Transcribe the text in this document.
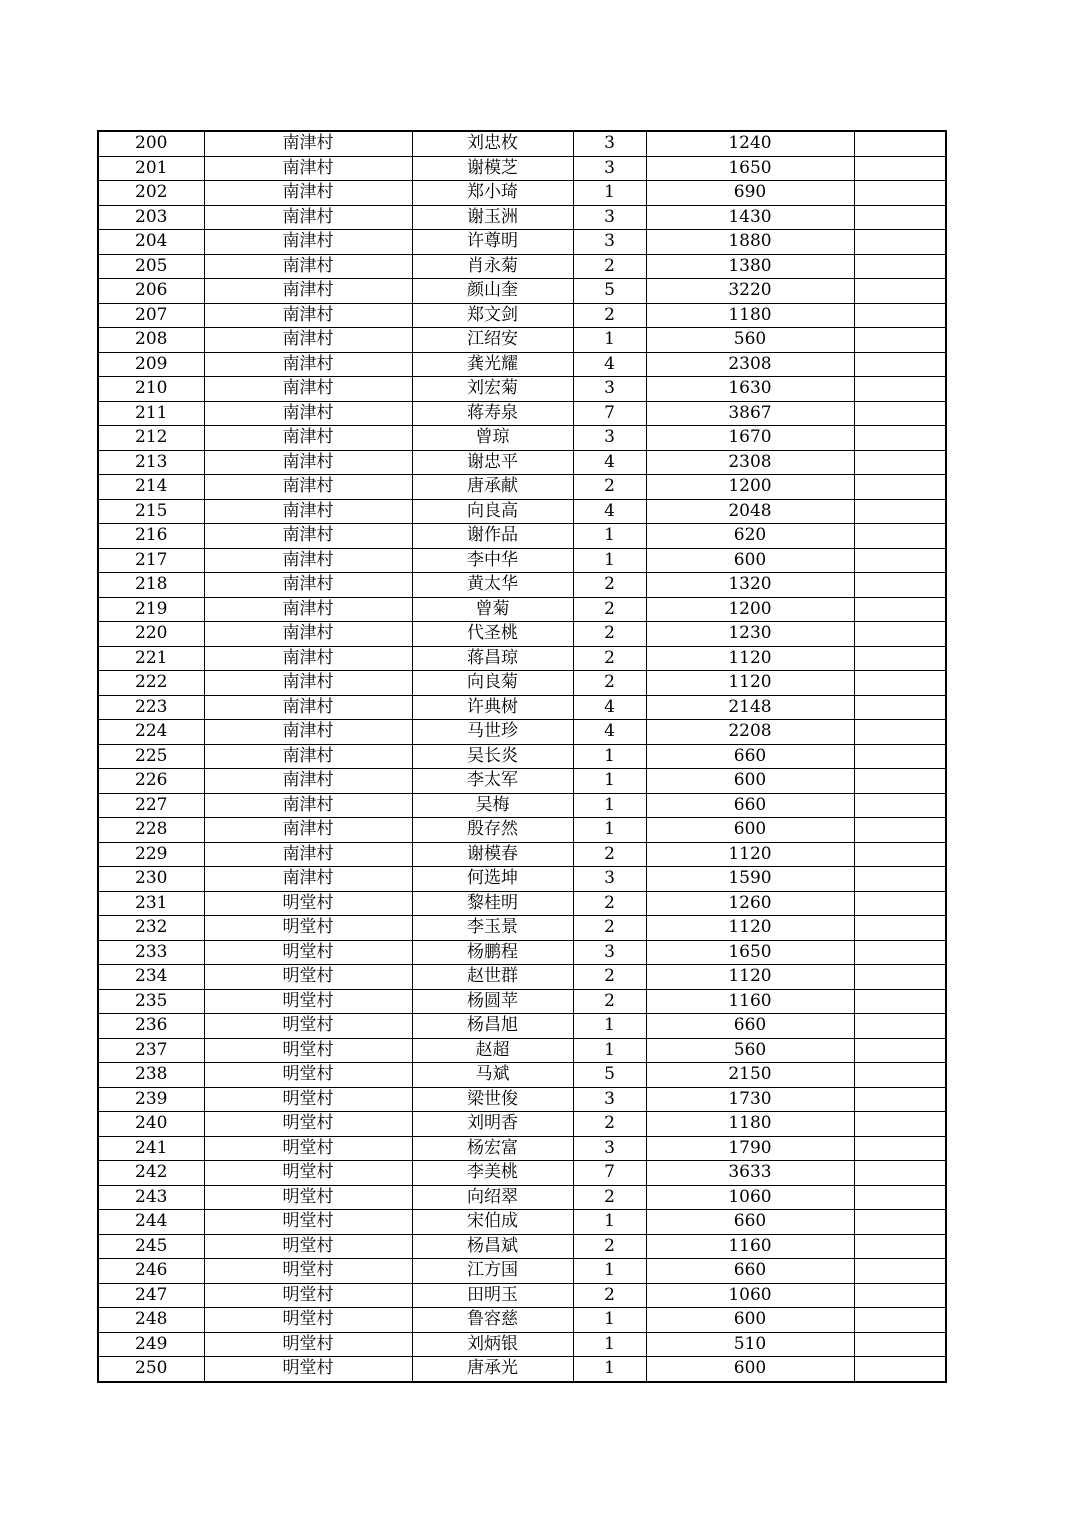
200	南津村	刘忠枚	3	1240	
201	南津村	谢模芝	3	1650	
202	南津村	郑小琦	1	690	
203	南津村	谢玉洲	3	1430	
204	南津村	许尊明	3	1880	
205	南津村	肖永菊	2	1380	
206	南津村	颜山奎	5	3220	
207	南津村	郑文剑	2	1180	
208	南津村	江绍安	1	560	
209	南津村	龚光耀	4	2308	
210	南津村	刘宏菊	3	1630	
211	南津村	蒋寿泉	7	3867	
212	南津村	曾琼	3	1670	
213	南津村	谢忠平	4	2308	
214	南津村	唐承献	2	1200	
215	南津村	向良高	4	2048	
216	南津村	谢作品	1	620	
217	南津村	李中华	1	600	
218	南津村	黄太华	2	1320	
219	南津村	曾菊	2	1200	
220	南津村	代圣桃	2	1230	
221	南津村	蒋昌琼	2	1120	
222	南津村	向良菊	2	1120	
223	南津村	许典树	4	2148	
224	南津村	马世珍	4	2208	
225	南津村	吴长炎	1	660	
226	南津村	李太军	1	600	
227	南津村	吴梅	1	660	
228	南津村	殷存然	1	600	
229	南津村	谢模春	2	1120	
230	南津村	何选坤	3	1590	
231	明堂村	黎桂明	2	1260	
232	明堂村	李玉景	2	1120	
233	明堂村	杨鹏程	3	1650	
234	明堂村	赵世群	2	1120	
235	明堂村	杨圆苹	2	1160	
236	明堂村	杨昌旭	1	660	
237	明堂村	赵超	1	560	
238	明堂村	马斌	5	2150	
239	明堂村	梁世俊	3	1730	
240	明堂村	刘明香	2	1180	
241	明堂村	杨宏富	3	1790	
242	明堂村	李美桃	7	3633	
243	明堂村	向绍翠	2	1060	
244	明堂村	宋伯成	1	660	
245	明堂村	杨昌斌	2	1160	
246	明堂村	江方国	1	660	
247	明堂村	田明玉	2	1060	
248	明堂村	鲁容慈	1	600	
249	明堂村	刘炳银	1	510	
250	明堂村	唐承光	1	600	
